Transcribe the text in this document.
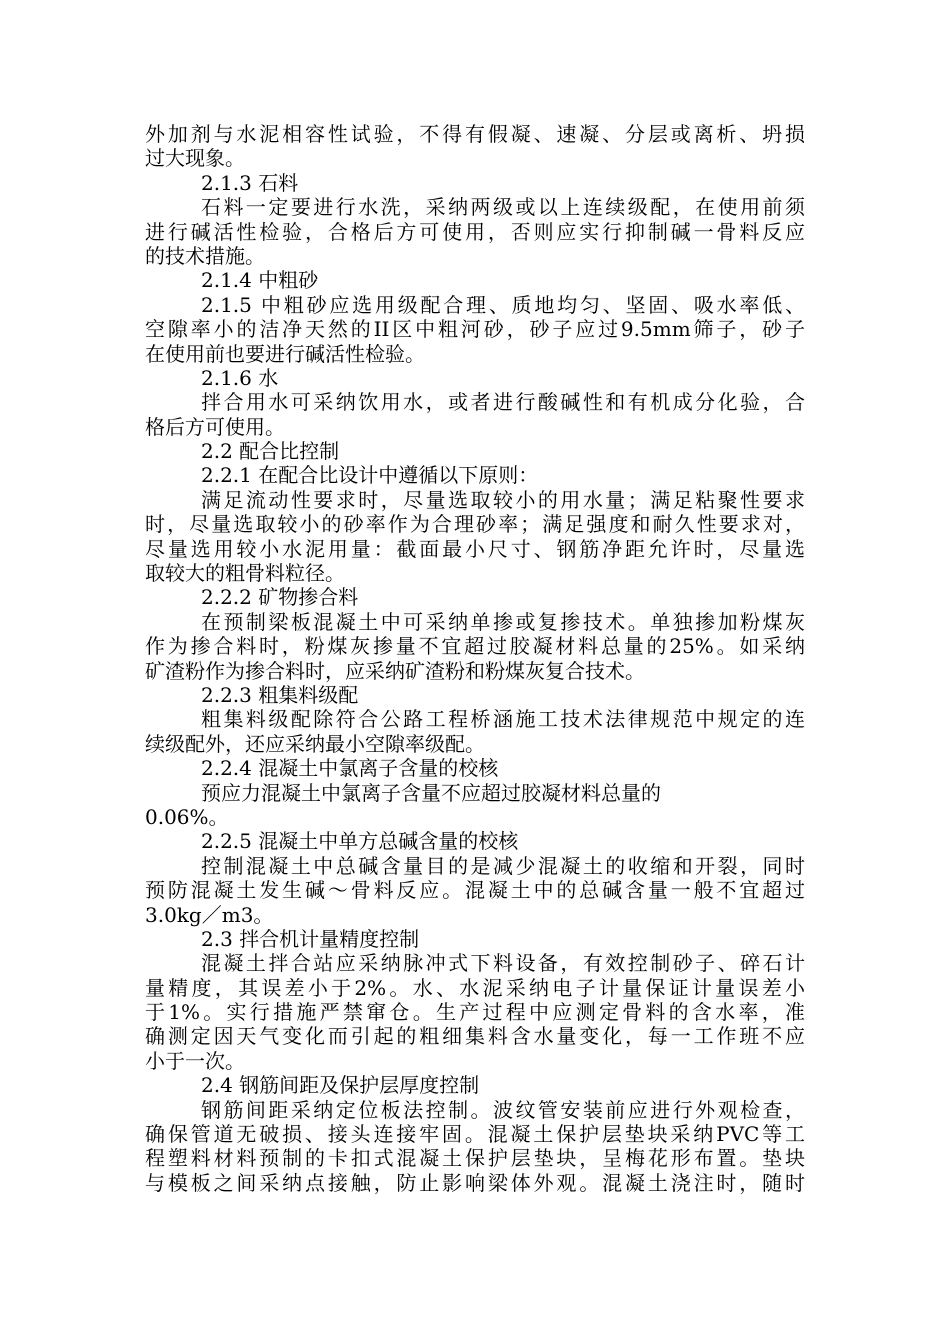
外加剂与水泥相容性试验，不得有假凝、速凝、分层或离析、坍损
过大现象。
2.1.3 石料
石料一定要进行水洗，采纳两级或以上连续级配，在使用前须
进行碱活性检验，合格后方可使用，否则应实行抑制碱一骨料反应
的技术措施。
2.1.4 中粗砂
2.1.5 中粗砂应选用级配合理、质地均匀、坚固、吸水率低、
空隙率小的洁净天然的II区中粗河砂，砂子应过9.5mm筛子，砂子
在使用前也要进行碱活性检验。
2.1.6 水
拌合用水可采纳饮用水，或者进行酸碱性和有机成分化验，合
格后方可使用。
2.2 配合比控制
2.2.1 在配合比设计中遵循以下原则：
满足流动性要求时，尽量选取较小的用水量；满足粘聚性要求
时，尽量选取较小的砂率作为合理砂率；满足强度和耐久性要求对，
尽量选用较小水泥用量：截面最小尺寸、钢筋净距允许时，尽量选
取较大的粗骨料粒径。
2.2.2 矿物掺合料
在预制梁板混凝土中可采纳单掺或复掺技术。单独掺加粉煤灰
作为掺合料时，粉煤灰掺量不宜超过胶凝材料总量的25%。如采纳
矿渣粉作为掺合料时，应采纳矿渣粉和粉煤灰复合技术。
2.2.3 粗集料级配
粗集料级配除符合公路工程桥涵施工技术法律规范中规定的连
续级配外，还应采纳最小空隙率级配。
2.2.4 混凝土中氯离子含量的校核
预应力混凝土中氯离子含量不应超过胶凝材料总量的
0.06%。
2.2.5 混凝土中单方总碱含量的校核
控制混凝土中总碱含量目的是减少混凝土的收缩和开裂，同时
预防混凝土发生碱～骨料反应。混凝土中的总碱含量一般不宜超过
3.0kg／m3。
2.3 拌合机计量精度控制
混凝土拌合站应采纳脉冲式下料设备，有效控制砂子、碎石计
量精度，其误差小于2%。水、水泥采纳电子计量保证计量误差小
于1%。实行措施严禁窜仓。生产过程中应测定骨料的含水率，准
确测定因天气变化而引起的粗细集料含水量变化，每一工作班不应
小于一次。
2.4 钢筋间距及保护层厚度控制
钢筋间距采纳定位板法控制。波纹管安装前应进行外观检查，
确保管道无破损、接头连接牢固。混凝土保护层垫块采纳PVC等工
程塑料材料预制的卡扣式混凝土保护层垫块，呈梅花形布置。垫块
与模板之间采纳点接触，防止影响梁体外观。混凝土浇注时，随时
